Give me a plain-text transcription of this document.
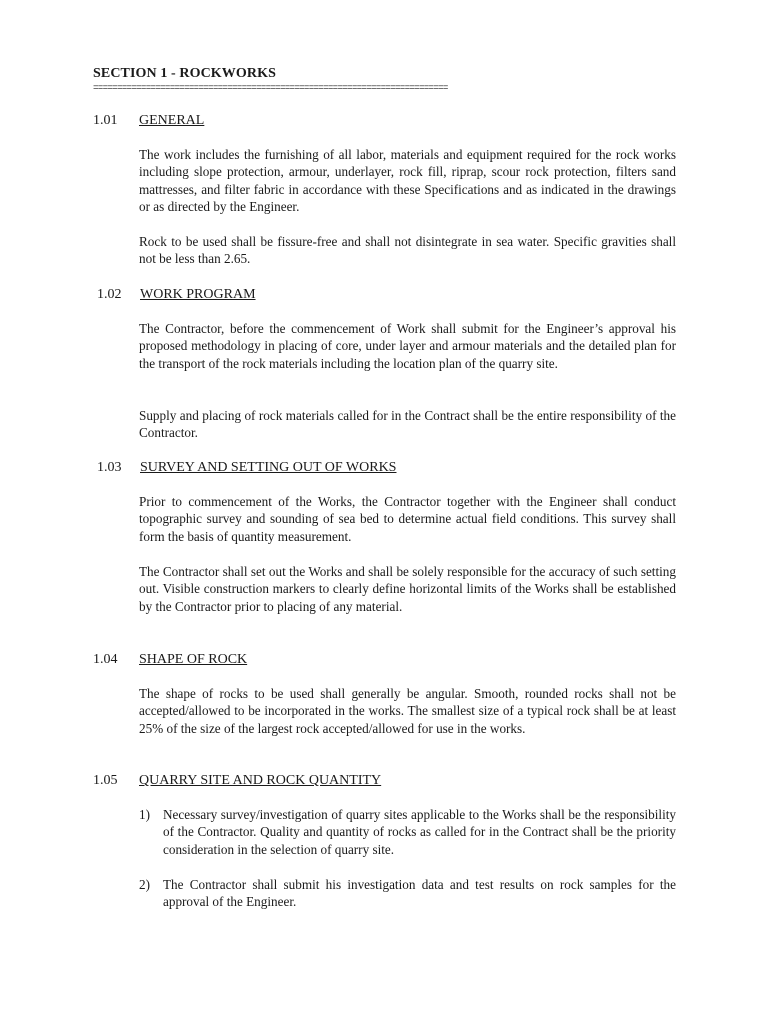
SECTION 1 - ROCKWORKS
==========================================================================
1.01 GENERAL

The work includes the furnishing of all labor, materials and equipment required for the rock works including slope protection, armour, underlayer, rock fill, riprap, scour rock protection, filters sand mattresses, and filter fabric in accordance with these Specifications and as indicated in the drawings or as directed by the Engineer.

Rock to be used shall be fissure-free and shall not disintegrate in sea water. Specific gravities shall not be less than 2.65.

1.02 WORK PROGRAM

The Contractor, before the commencement of Work shall submit for the Engineer’s approval his proposed methodology in placing of core, under layer and armour materials and the detailed plan for the transport of the rock materials including the location plan of the quarry site.

Supply and placing of rock materials called for in the Contract shall be the entire responsibility of the Contractor.

1.03 SURVEY AND SETTING OUT OF WORKS

Prior to commencement of the Works, the Contractor together with the Engineer shall conduct topographic survey and sounding of sea bed to determine actual field conditions. This survey shall form the basis of quantity measurement.

The Contractor shall set out the Works and shall be solely responsible for the accuracy of such setting out. Visible construction markers to clearly define horizontal limits of the Works shall be established by the Contractor prior to placing of any material.

1.04 SHAPE OF ROCK

The shape of rocks to be used shall generally be angular. Smooth, rounded rocks shall not be accepted/allowed to be incorporated in the works. The smallest size of a typical rock shall be at least 25% of the size of the largest rock accepted/allowed for use in the works.

1.05 QUARRY SITE AND ROCK QUANTITY
1) Necessary survey/investigation of quarry sites applicable to the Works shall be the responsibility of the Contractor. Quality and quantity of rocks as called for in the Contract shall be the priority consideration in the selection of quarry site.

2) The Contractor shall submit his investigation data and test results on rock samples for the approval of the Engineer.
